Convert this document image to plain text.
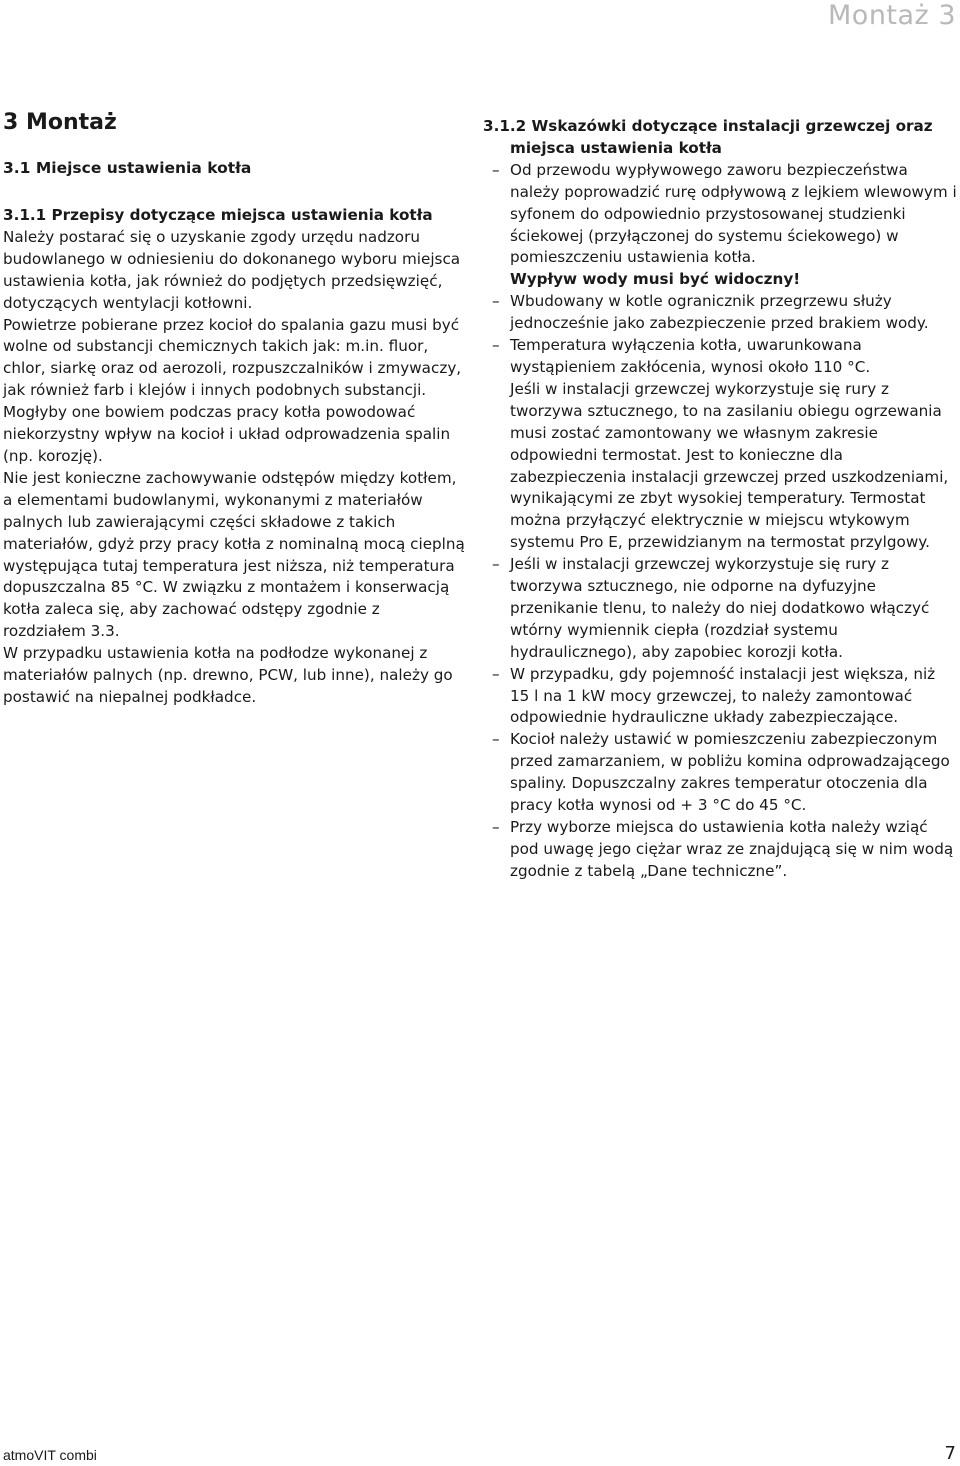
Montaż 3
3 Montaż
3.1 Miejsce ustawienia kotła
3.1.1 Przepisy dotyczące miejsca ustawienia kotła

Należy postarać się o uzyskanie zgody urzędu nadzoru budowlanego w odniesieniu do dokonanego wyboru miejsca ustawienia kotła, jak również do podjętych przedsięwzięć, dotyczących wentylacji kotłowni.

Powietrze pobierane przez kocioł do spalania gazu musi być wolne od substancji chemicznych takich jak: m.in. fluor, chlor, siarkę oraz od aerozoli, rozpuszczalników i zmywaczy, jak również farb i klejów i innych podobnych substancji. Mogłyby one bowiem podczas pracy kotła powodować niekorzystny wpływ na kocioł i układ odprowadzenia spalin (np. korozję).

Nie jest konieczne zachowywanie odstępów między kotłem, a elementami budowlanymi, wykonanymi z materiałów palnych lub zawierającymi części składowe z takich materiałów, gdyż przy pracy kotła z nominalną mocą cieplną występująca tutaj temperatura jest niższa, niż temperatura dopuszczalna 85 °C. W związku z montażem i konserwacją kotła zaleca się, aby zachować odstępy zgodnie z rozdziałem 3.3.

W przypadku ustawienia kotła na podłodze wykonanej z materiałów palnych (np. drewno, PCW, lub inne), należy go postawić na niepalnej podkładce.

3.1.2 Wskazówki dotyczące instalacji grzewczej oraz miejsca ustawienia kotła
– Od przewodu wypływowego zaworu bezpieczeństwa należy poprowadzić rurę odpływową z lejkiem wlewowym i syfonem do odpowiednio przystosowanej studzienki ściekowej (przyłączonej do systemu ściekowego) w pomieszczeniu ustawienia kotła.

Wypływ wody musi być widoczny!

– Wbudowany w kotle ogranicznik przegrzewu służy jednocześnie jako zabezpieczenie przed brakiem wody.

– Temperatura wyłączenia kotła, uwarunkowana wystąpieniem zakłócenia, wynosi około 110 °C.

Jeśli w instalacji grzewczej wykorzystuje się rury z tworzywa sztucznego, to na zasilaniu obiegu ogrzewania musi zostać zamontowany we własnym zakresie odpowiedni termostat. Jest to konieczne dla zabezpieczenia instalacji grzewczej przed uszkodzeniami, wynikającymi ze zbyt wysokiej temperatury. Termostat można przyłączyć elektrycznie w miejscu wtykowym systemu Pro E, przewidzianym na termostat przylgowy.

– Jeśli w instalacji grzewczej wykorzystuje się rury z tworzywa sztucznego, nie odporne na dyfuzyjne przenikanie tlenu, to należy do niej dodatkowo włączyć wtórny wymiennik ciepła (rozdział systemu hydraulicznego), aby zapobiec korozji kotła.

– W przypadku, gdy pojemność instalacji jest większa, niż 15 l na 1 kW mocy grzewczej, to należy zamontować odpowiednie hydrauliczne układy zabezpieczające.

– Kocioł należy ustawić w pomieszczeniu zabezpieczonym przed zamarzaniem, w pobliżu komina odprowadzającego spaliny. Dopuszczalny zakres temperatur otoczenia dla pracy kotła wynosi od + 3 °C do 45 °C.

– Przy wyborze miejsca do ustawienia kotła należy wziąć pod uwagę jego ciężar wraz ze znajdującą się w nim wodą zgodnie z tabelą „Dane techniczne”.

atmoVIT combi	7
